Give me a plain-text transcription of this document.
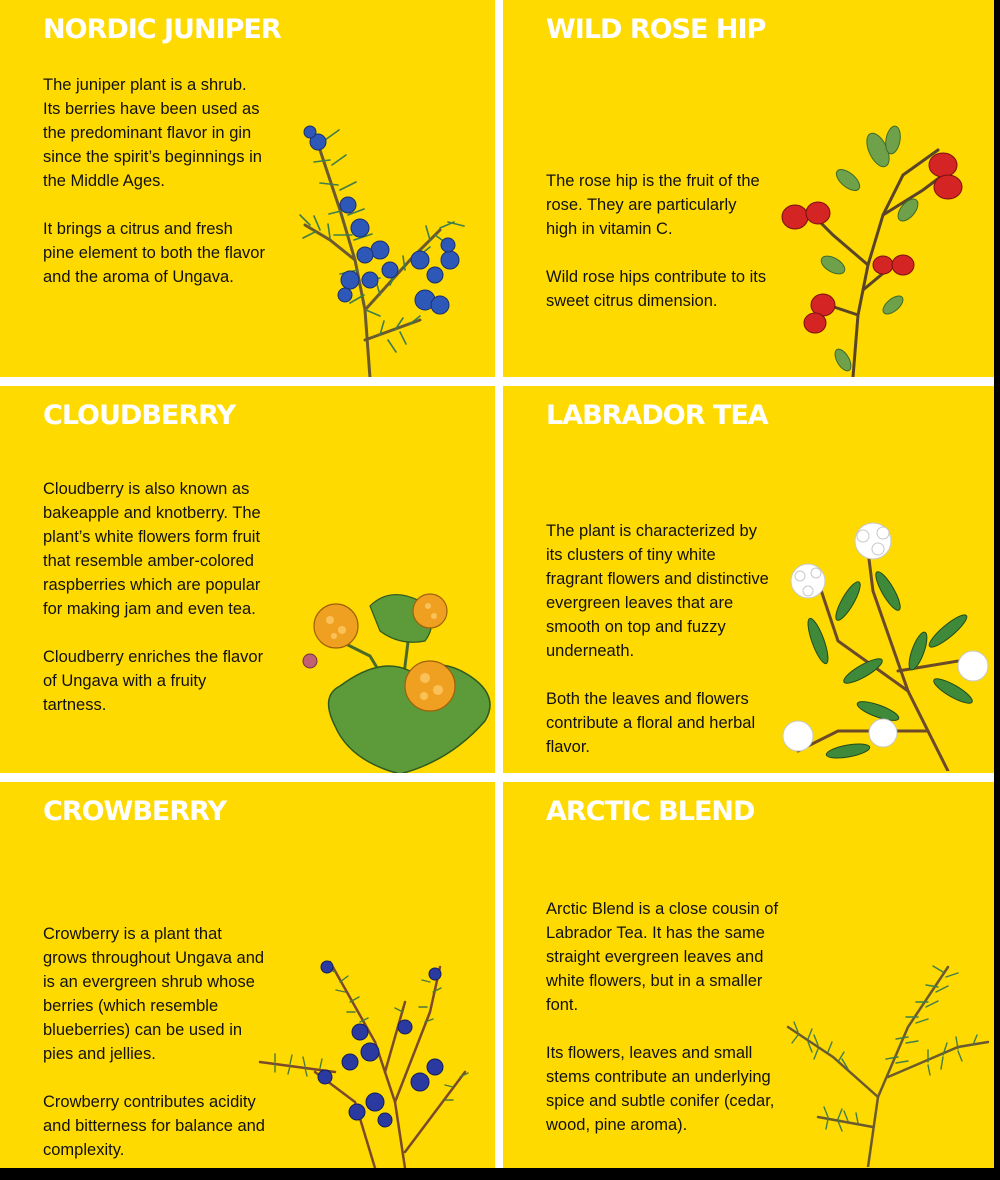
NORDIC JUNIPER

The juniper plant is a shrub. Its berries have been used as the predominant flavor in gin since the spirit’s beginnings in the Middle Ages.

It brings a citrus and fresh pine element to both the flavor and the aroma of Ungava.

WILD ROSE HIP

The rose hip is the fruit of the rose. They are particularly high in vitamin C.

Wild rose hips contribute to its sweet citrus dimension.

CLOUDBERRY

Cloudberry is also known as bakeapple and knotberry. The plant’s white flowers form fruit that resemble amber-colored raspberries which are popular for making jam and even tea.

Cloudberry enriches the flavor of Ungava with a fruity tartness.

LABRADOR TEA

The plant is characterized by its clusters of tiny white fragrant flowers and distinctive evergreen leaves that are smooth on top and fuzzy underneath.

Both the leaves and flowers contribute a floral and herbal flavor.

CROWBERRY

Crowberry is a plant that grows throughout Ungava and is an evergreen shrub whose berries (which resemble blueberries) can be used in pies and jellies.

Crowberry contributes acidity and bitterness for balance and complexity.

ARCTIC BLEND

Arctic Blend is a close cousin of Labrador Tea. It has the same straight evergreen leaves and white flowers, but in a smaller font.

Its flowers, leaves and small stems contribute an underlying spice and subtle conifer (cedar, wood, pine aroma).
